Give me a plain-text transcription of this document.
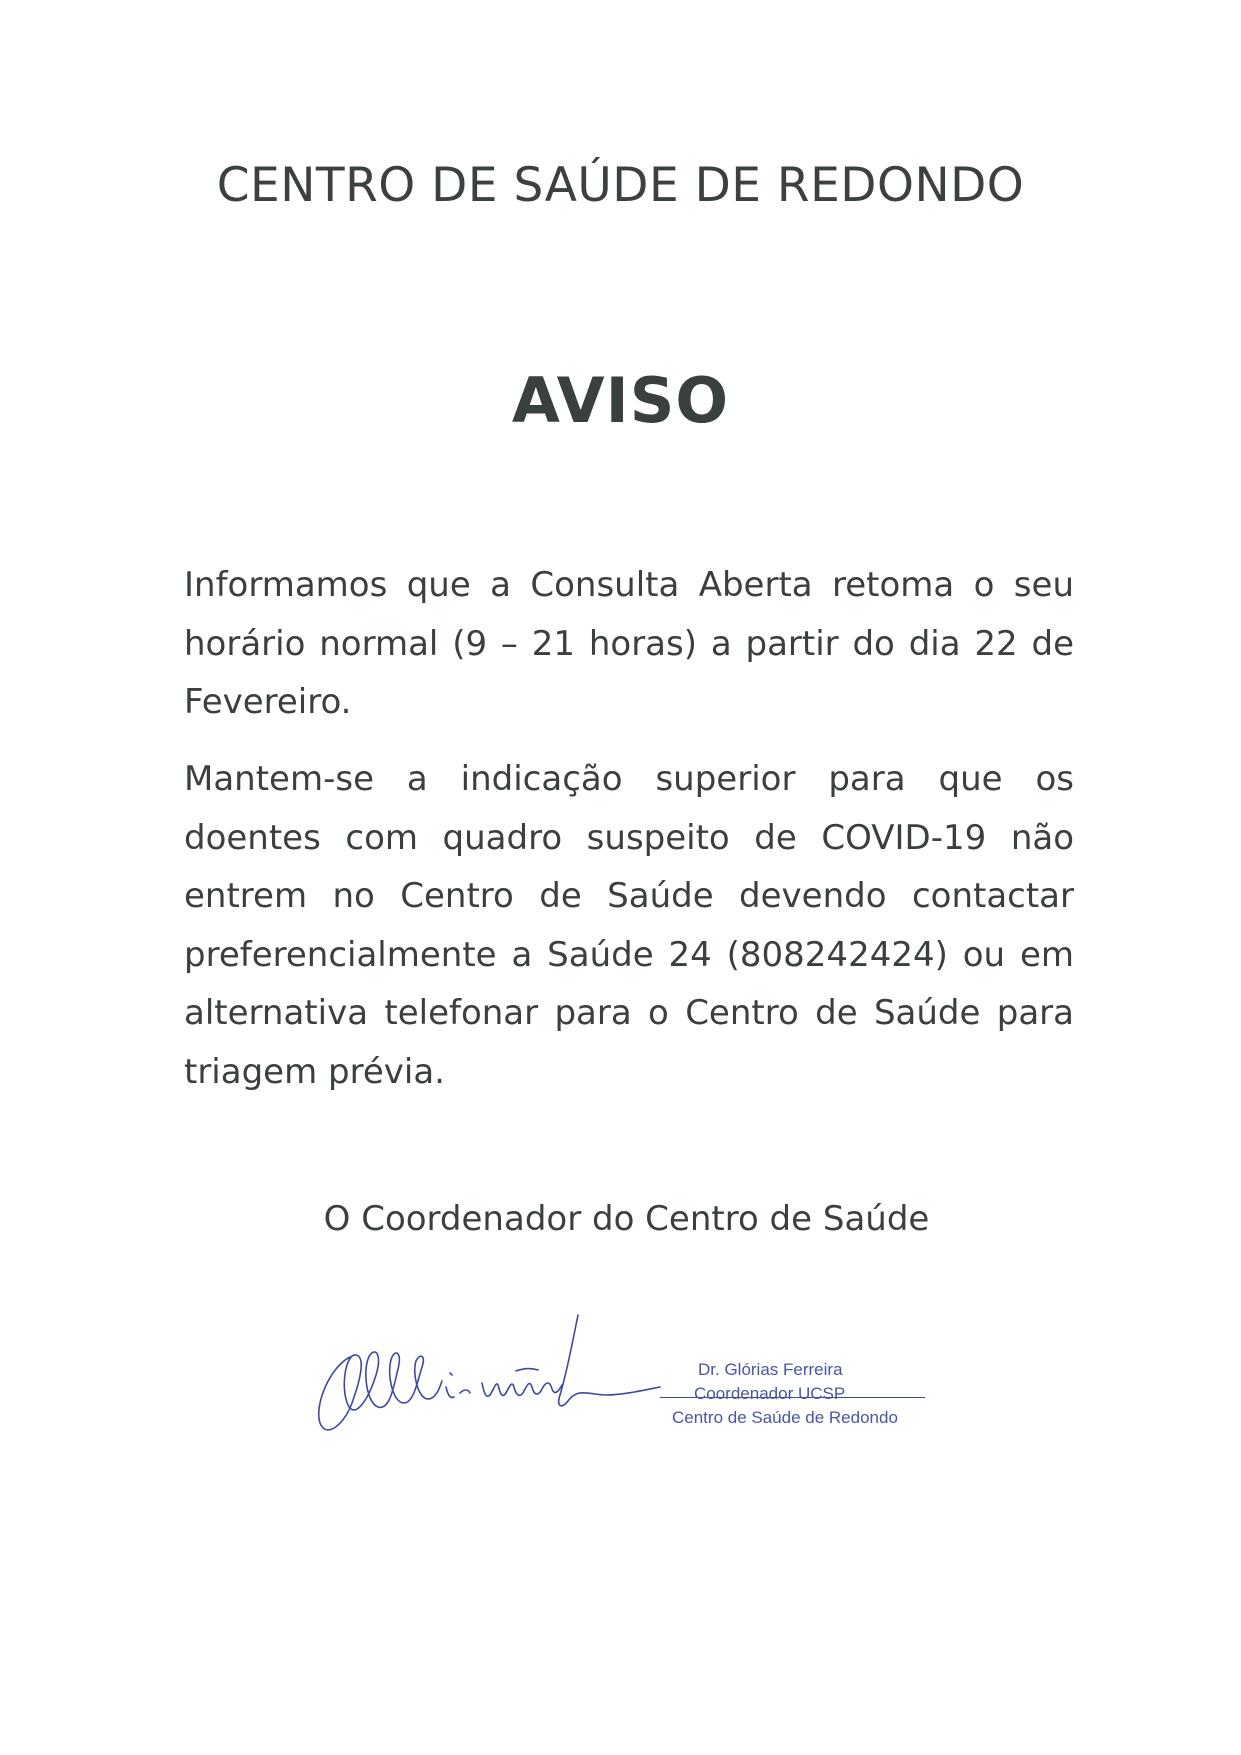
CENTRO DE SAÚDE DE REDONDO
AVISO

Informamos que a Consulta Aberta retoma o seu horário normal (9 – 21 horas) a partir do dia 22 de Fevereiro.

Mantem-se a indicação superior para que os doentes com quadro suspeito de COVID-19 não entrem no Centro de Saúde devendo contactar preferencialmente a Saúde 24 (808242424) ou em alternativa telefonar para o Centro de Saúde para triagem prévia.

O Coordenador do Centro de Saúde

Dr. Glórias Ferreira
Coordenador UCSP
Centro de Saúde de Redondo
